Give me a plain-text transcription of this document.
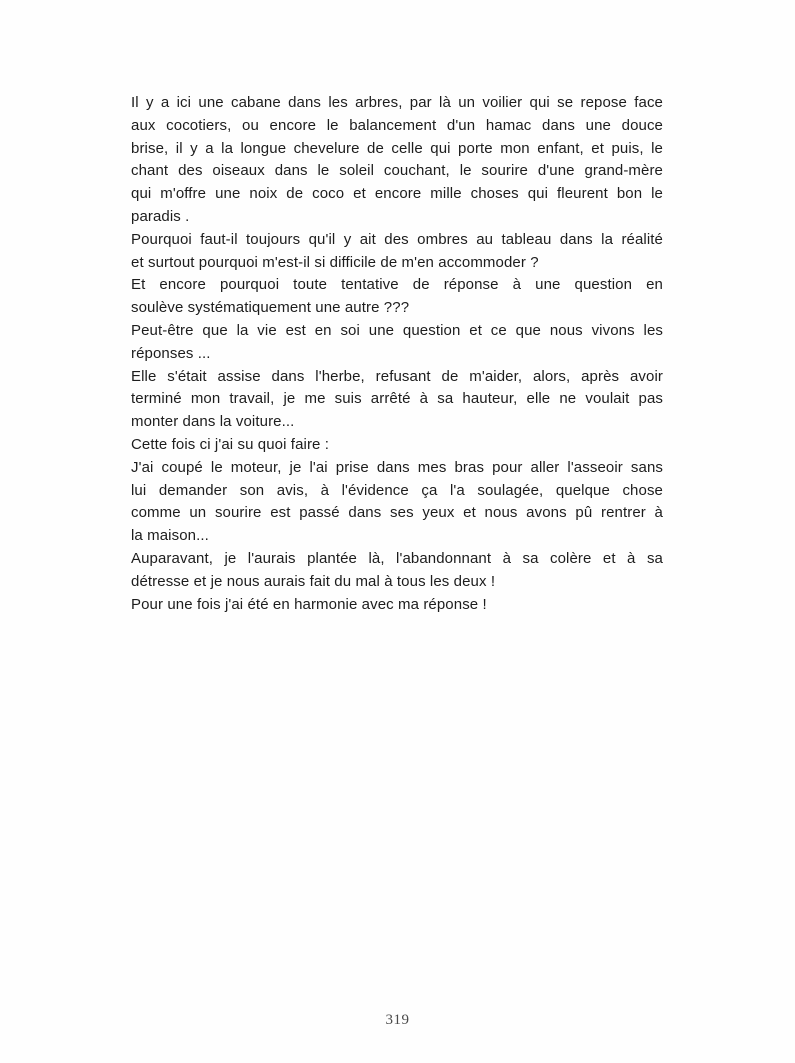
Il y a ici une cabane dans les arbres, par là un voilier qui se repose face
aux cocotiers, ou encore le balancement d'un hamac dans une douce
brise, il y a la longue chevelure de celle qui porte mon enfant, et puis, le
chant des oiseaux dans le soleil couchant, le sourire d'une grand-mère
qui m'offre une noix de coco et encore mille choses qui fleurent bon le
paradis .

Pourquoi faut-il toujours qu'il y ait des ombres au tableau dans la réalité
et surtout pourquoi m'est-il si difficile de m'en accommoder ?

Et encore pourquoi toute tentative de réponse à une question en
soulève systématiquement une autre ???

Peut-être que la vie est en soi une question et ce que nous vivons les
réponses ...

Elle s'était assise dans l'herbe, refusant de m'aider, alors, après avoir
terminé mon travail, je me suis arrêté à sa hauteur, elle ne voulait pas
monter dans la voiture...

Cette fois ci j'ai su quoi faire :

J'ai coupé le moteur, je l'ai prise dans mes bras pour aller l'asseoir sans
lui demander son avis, à l'évidence ça l'a soulagée, quelque chose
comme un sourire est passé dans ses yeux et nous avons pû rentrer à
la maison...

Auparavant, je l'aurais plantée là, l'abandonnant à sa colère et à sa
détresse et je nous aurais fait du mal à tous les deux !

Pour une fois j'ai été en harmonie avec ma réponse !

319
